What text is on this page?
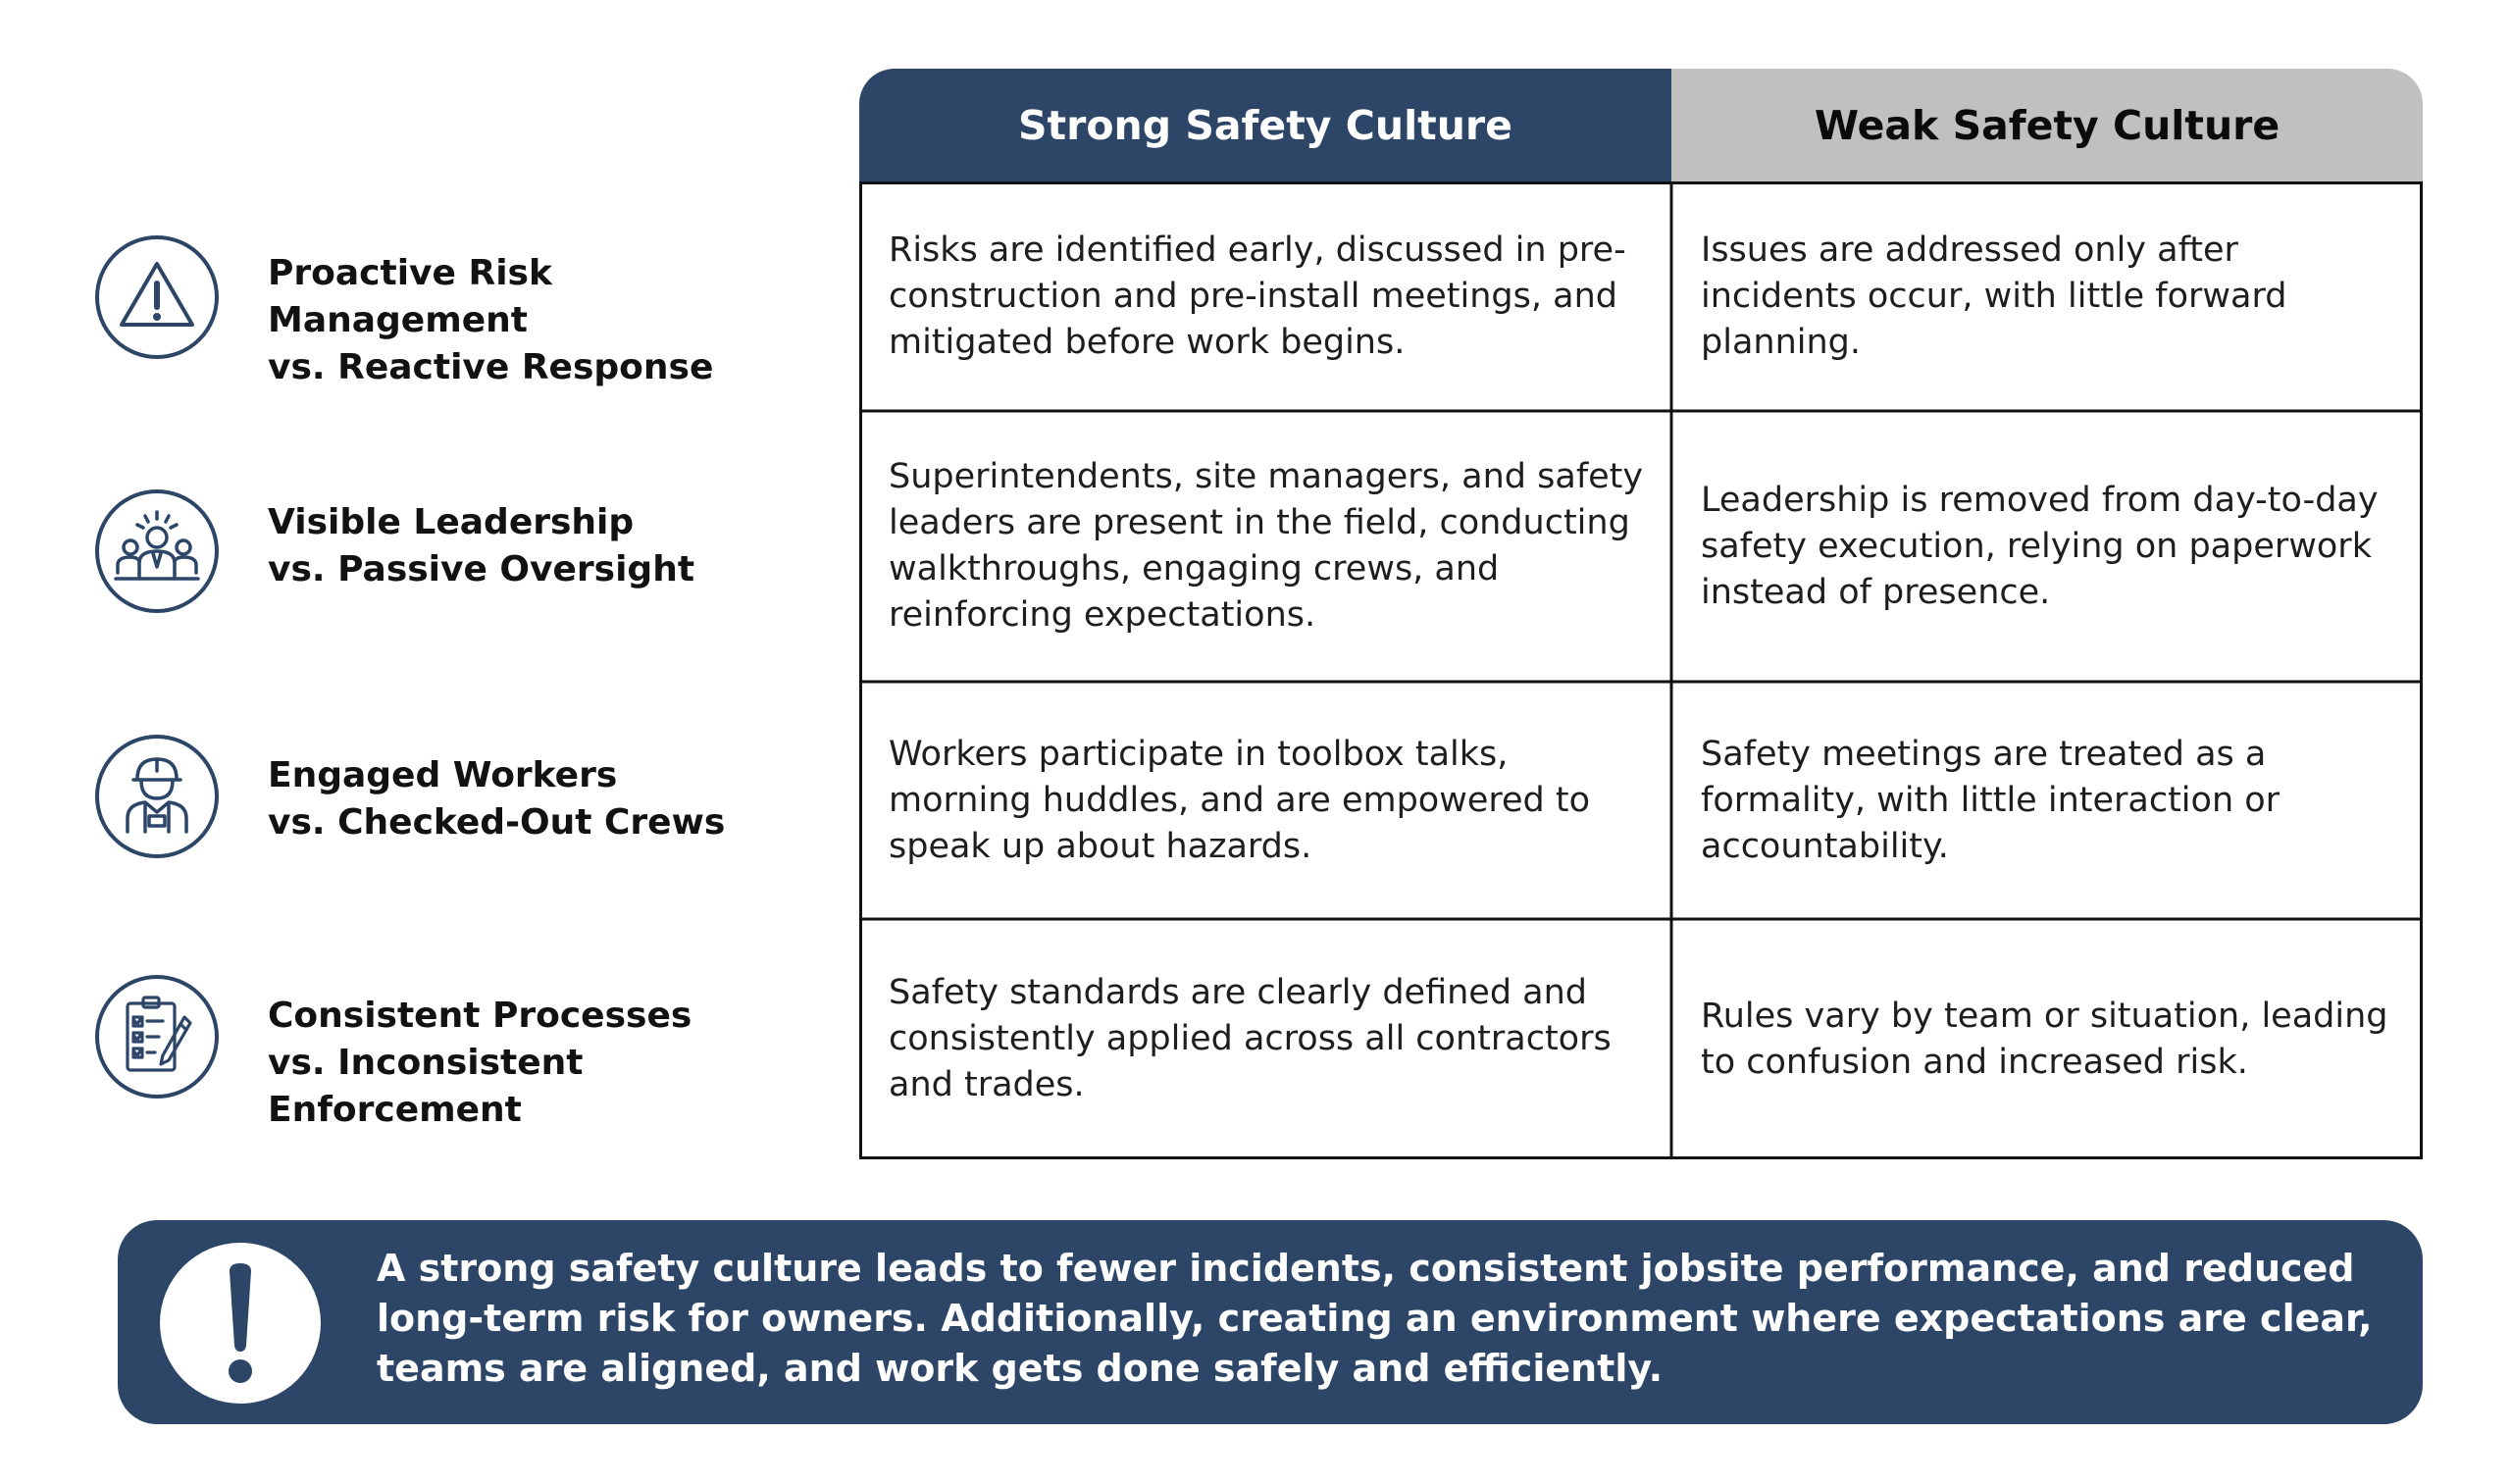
Strong Safety Culture	Weak Safety Culture
Risks are identified early, discussed in pre-construction and pre-install meetings, and mitigated before work begins.
Issues are addressed only after incidents occur, with little forward planning.
Superintendents, site managers, and safety leaders are present in the field, conducting walkthroughs, engaging crews, and reinforcing expectations.
Leadership is removed from day-to-day safety execution, relying on paperwork instead of presence.
Workers participate in toolbox talks, morning huddles, and are empowered to speak up about hazards.
Safety meetings are treated as a formality, with little interaction or accountability.
Safety standards are clearly defined and consistently applied across all contractors and trades.
Rules vary by team or situation, leading to confusion and increased risk.
Proactive Risk Management
vs. Reactive Response
Visible Leadership
vs. Passive Oversight
Engaged Workers
vs. Checked-Out Crews
Consistent Processes
vs. Inconsistent Enforcement
A strong safety culture leads to fewer incidents, consistent jobsite performance, and reduced long-term risk for owners. Additionally, creating an environment where expectations are clear, teams are aligned, and work gets done safely and efficiently.
